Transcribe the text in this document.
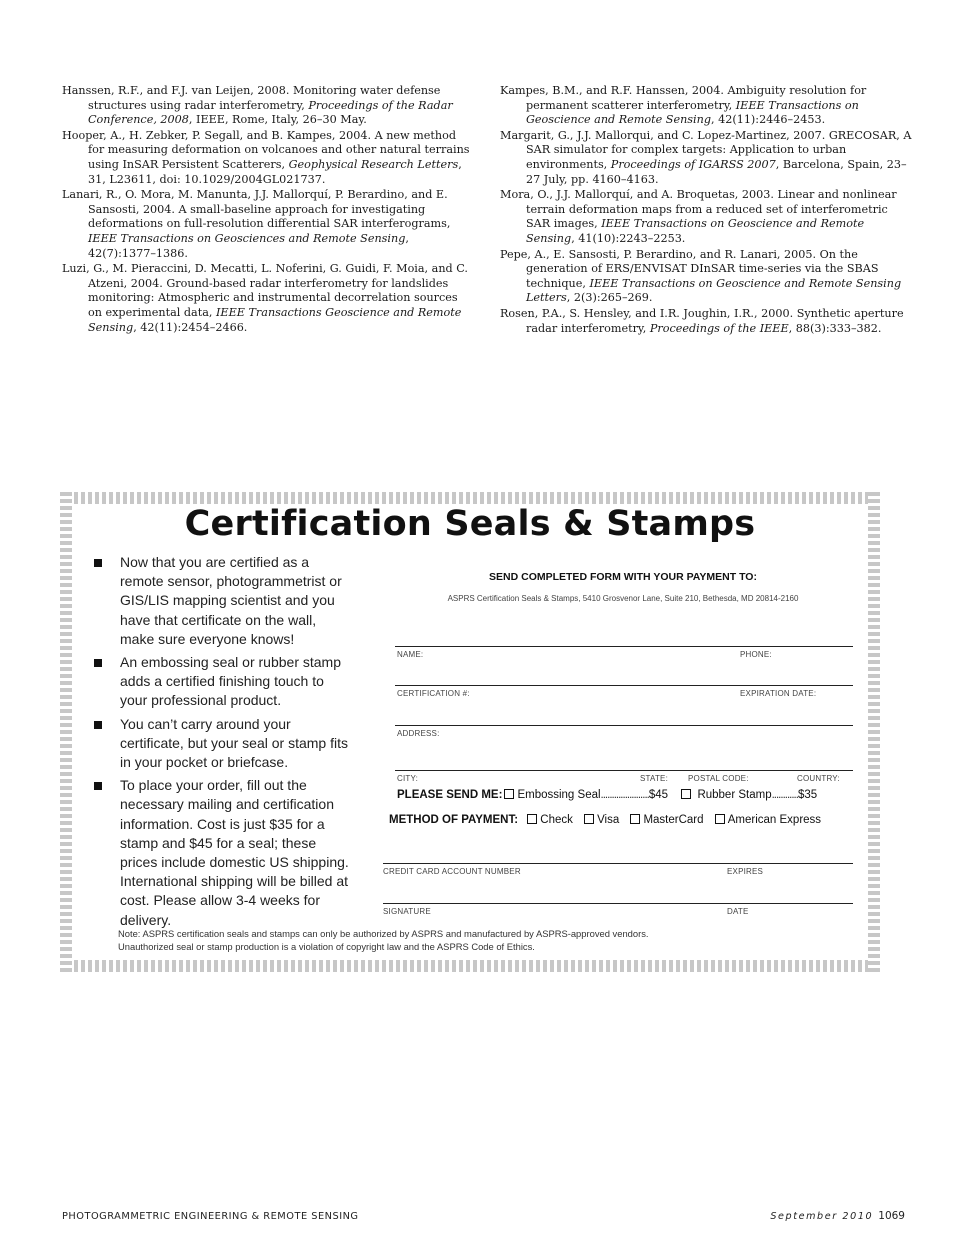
Hanssen, R.F., and F.J. van Leijen, 2008. Monitoring water defense structures using radar interferometry, Proceedings of the Radar Conference, 2008, IEEE, Rome, Italy, 26–30 May.

Hooper, A., H. Zebker, P. Segall, and B. Kampes, 2004. A new method for measuring deformation on volcanoes and other natural terrains using InSAR Persistent Scatterers, Geophysical Research Letters, 31, L23611, doi: 10.1029/2004GL021737.

Lanari, R., O. Mora, M. Manunta, J.J. Mallorquí, P. Berardino, and E. Sansosti, 2004. A small-baseline approach for investigating deformations on full-resolution differential SAR interferograms, IEEE Transactions on Geosciences and Remote Sensing, 42(7):1377–1386.

Luzi, G., M. Pieraccini, D. Mecatti, L. Noferini, G. Guidi, F. Moia, and C. Atzeni, 2004. Ground-based radar interferometry for landslides monitoring: Atmospheric and instrumental decorrelation sources on experimental data, IEEE Transactions Geoscience and Remote Sensing, 42(11):2454–2466.

Kampes, B.M., and R.F. Hanssen, 2004. Ambiguity resolution for permanent scatterer interferometry, IEEE Transactions on Geoscience and Remote Sensing, 42(11):2446–2453.

Margarit, G., J.J. Mallorqui, and C. Lopez-Martinez, 2007. GRECOSAR, A SAR simulator for complex targets: Application to urban environments, Proceedings of IGARSS 2007, Barcelona, Spain, 23–27 July, pp. 4160–4163.

Mora, O., J.J. Mallorquí, and A. Broquetas, 2003. Linear and nonlinear terrain deformation maps from a reduced set of interferometric SAR images, IEEE Transactions on Geoscience and Remote Sensing, 41(10):2243–2253.

Pepe, A., E. Sansosti, P. Berardino, and R. Lanari, 2005. On the generation of ERS/ENVISAT DInSAR time-series via the SBAS technique, IEEE Transactions on Geoscience and Remote Sensing Letters, 2(3):265–269.

Rosen, P.A., S. Hensley, and I.R. Joughin, I.R., 2000. Synthetic aperture radar interferometry, Proceedings of the IEEE, 88(3):333–382.

Certification Seals & Stamps
Now that you are certified as a remote sensor, photogrammetrist or GIS/LIS mapping scientist and you have that certificate on the wall, make sure everyone knows!
An embossing seal or rubber stamp adds a certified finishing touch to your professional product.
You can’t carry around your certificate, but your seal or stamp fits in your pocket or briefcase.
To place your order, fill out the necessary mailing and certification information. Cost is just $35 for a stamp and $45 for a seal; these prices include domestic US shipping. International shipping will be billed at cost. Please allow 3-4 weeks for delivery.
SEND COMPLETED FORM WITH YOUR PAYMENT TO:
ASPRS Certification Seals & Stamps, 5410 Grosvenor Lane, Suite 210, Bethesda, MD 20814-2160
NAME:	PHONE:
CERTIFICATION #:	EXPIRATION DATE:
ADDRESS:
CITY:	STATE: POSTAL CODE:	COUNTRY:
PLEASE SEND ME: Embossing Seal......................$45	Rubber Stamp............$35
METHOD OF PAYMENT: Check Visa MasterCard American Express
CREDIT CARD ACCOUNT NUMBER	EXPIRES
SIGNATURE	DATE
Note: ASPRS certification seals and stamps can only be authorized by ASPRS and manufactured by ASPRS-approved vendors.
Unauthorized seal or stamp production is a violation of copyright law and the ASPRS Code of Ethics.
PHOTOGRAMMETRIC ENGINEERING & REMOTE SENSING	September 2010 1069
